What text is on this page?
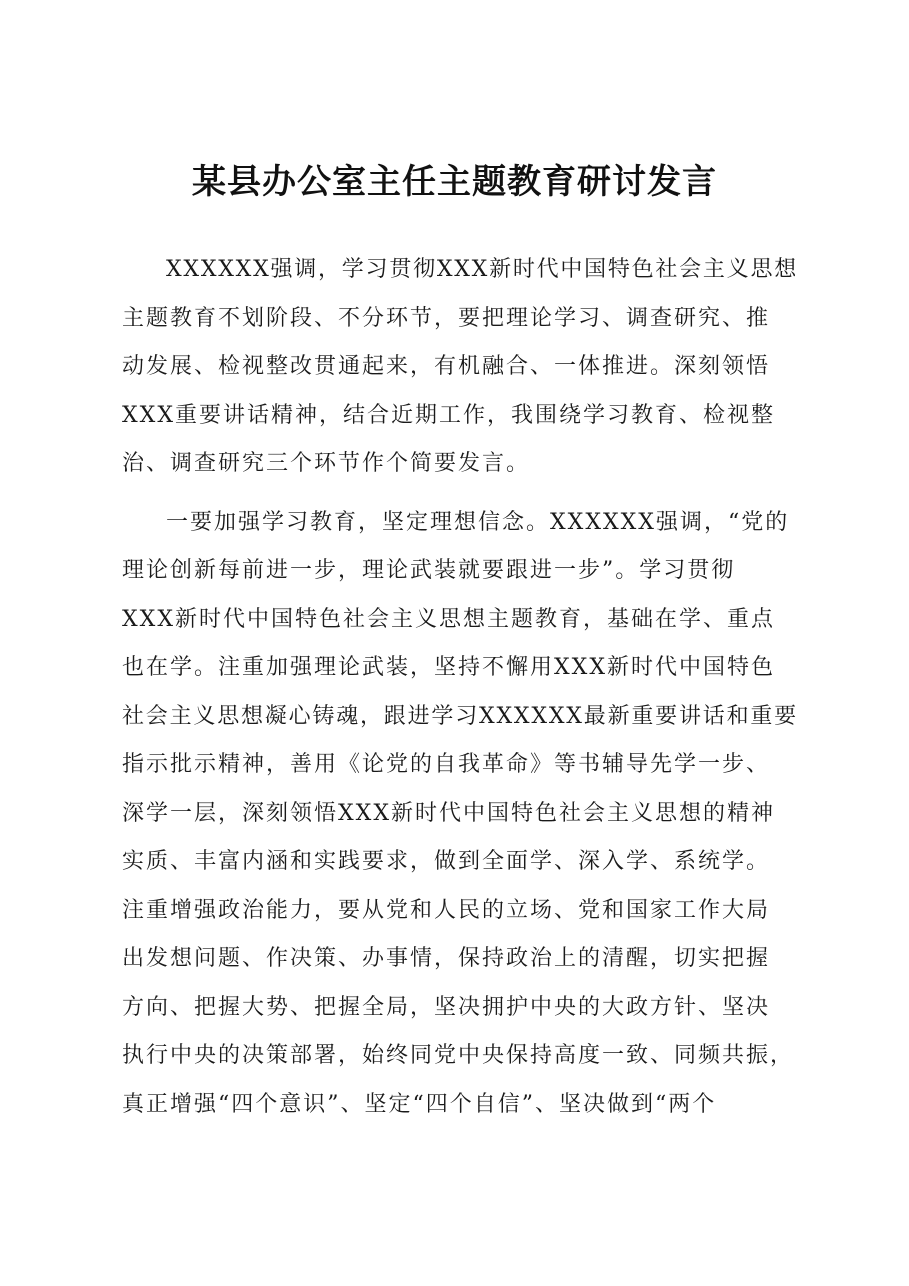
某县办公室主任主题教育研讨发言

XXXXXX强调，学习贯彻XXX新时代中国特色社会主义思想
主题教育不划阶段、不分环节，要把理论学习、调查研究、推
动发展、检视整改贯通起来，有机融合、一体推进。深刻领悟
XXX重要讲话精神，结合近期工作，我围绕学习教育、检视整
治、调查研究三个环节作个简要发言。

一要加强学习教育，坚定理想信念。XXXXXX强调，“党的
理论创新每前进一步，理论武装就要跟进一步”。学习贯彻
XXX新时代中国特色社会主义思想主题教育，基础在学、重点
也在学。注重加强理论武装，坚持不懈用XXX新时代中国特色
社会主义思想凝心铸魂，跟进学习XXXXXX最新重要讲话和重要
指示批示精神，善用《论党的自我革命》等书辅导先学一步、
深学一层，深刻领悟XXX新时代中国特色社会主义思想的精神
实质、丰富内涵和实践要求，做到全面学、深入学、系统学。
注重增强政治能力，要从党和人民的立场、党和国家工作大局
出发想问题、作决策、办事情，保持政治上的清醒，切实把握
方向、把握大势、把握全局，坚决拥护中央的大政方针、坚决
执行中央的决策部署，始终同党中央保持高度一致、同频共振，
真正增强“四个意识”、坚定“四个自信”、坚决做到“两个
